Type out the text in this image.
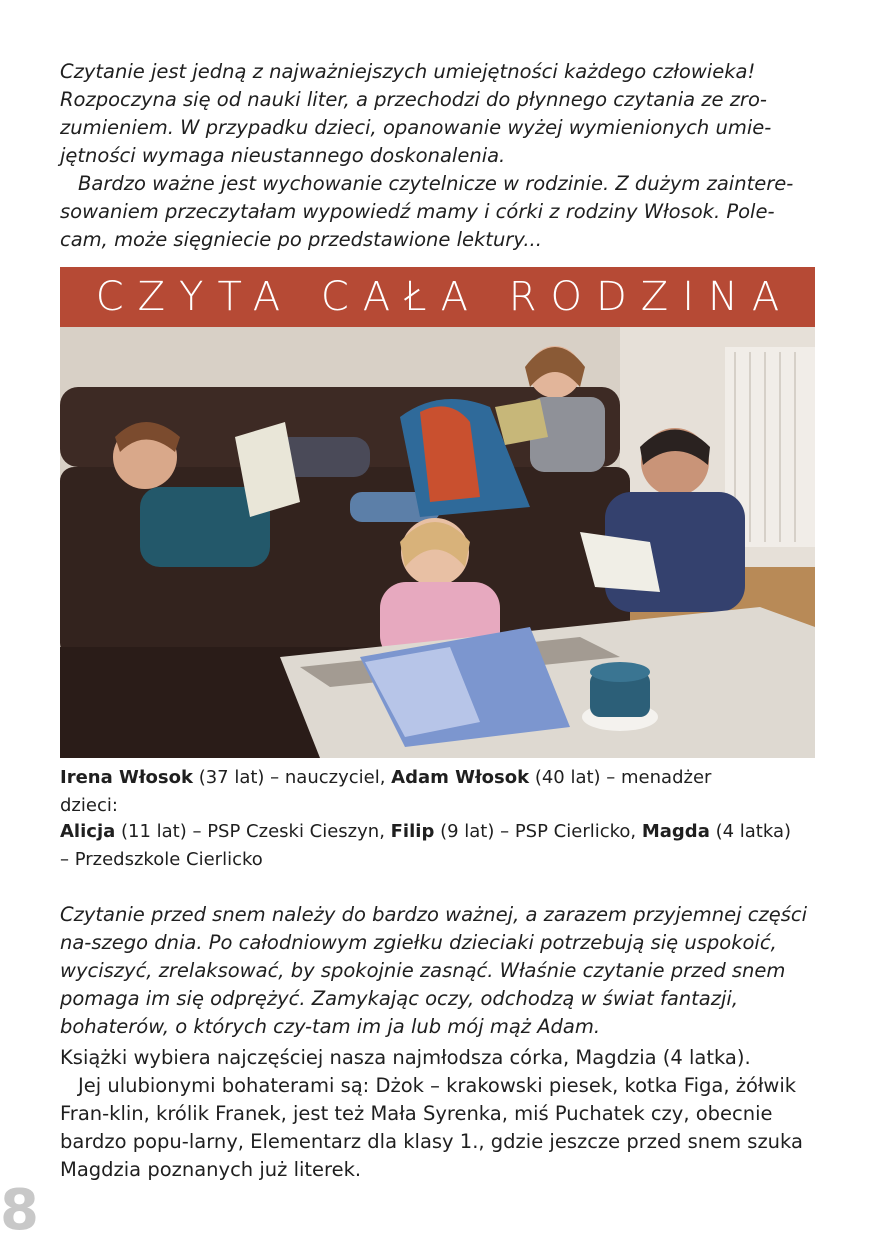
Czytanie jest jedną z najważniejszych umiejętności każdego człowieka! Rozpoczyna się od nauki liter, a przechodzi do płynnego czytania ze zro-zumieniem. W przypadku dzieci, opanowanie wyżej wymienionych umie-jętności wymaga nieustannego doskonalenia.
Bardzo ważne jest wychowanie czytelnicze w rodzinie. Z dużym zaintere-sowaniem przeczytałam wypowiedź mamy i córki z rodziny Włosok. Pole-cam, może sięgniecie po przedstawione lektury...

CZYTA CAŁA RODZINA

Irena Włosok (37 lat) – nauczyciel, Adam Włosok (40 lat) – menadżer

dzieci:

Alicja (11 lat) – PSP Czeski Cieszyn, Filip (9 lat) – PSP Cierlicko, Magda (4 latka)

– Przedszkole Cierlicko

Czytanie przed snem należy do bardzo ważnej, a zarazem przyjemnej części na-szego dnia. Po całodniowym zgiełku dzieciaki potrzebują się uspokoić, wyciszyć, zrelaksować, by spokojnie zasnąć. Właśnie czytanie przed snem pomaga im się odprężyć. Zamykając oczy, odchodzą w świat fantazji, bohaterów, o których czy-tam im ja lub mój mąż Adam.

Książki wybiera najczęściej nasza najmłodsza córka, Magdzia (4 latka).

Jej ulubionymi bohaterami są: Dżok – krakowski piesek, kotka Figa, żółwik Fran-klin, królik Franek, jest też Mała Syrenka, miś Puchatek czy, obecnie bardzo popu-larny, Elementarz dla klasy 1., gdzie jeszcze przed snem szuka Magdzia poznanych już literek.

8
